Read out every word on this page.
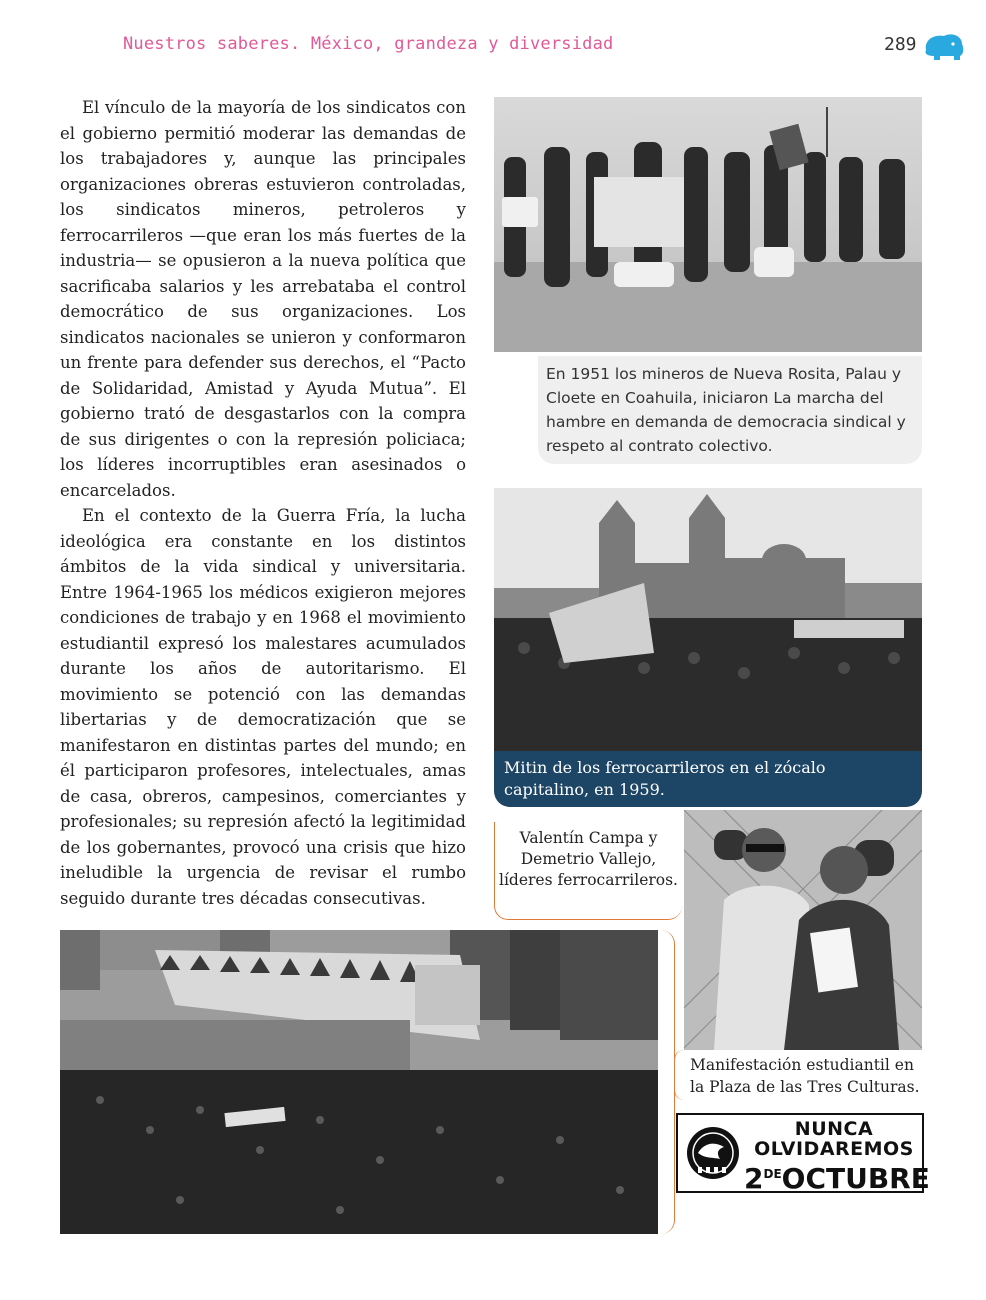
Nuestros saberes. México, grandeza y diversidad	289

El vínculo de la mayoría de los sindicatos con el gobierno permitió moderar las demandas de los trabajadores y, aunque las principales organizaciones obreras estuvieron controladas, los sindicatos mineros, petroleros y ferrocarrileros —que eran los más fuertes de la industria— se opusieron a la nueva política que sacrificaba salarios y les arrebataba el control democrático de sus organizaciones. Los sindicatos nacionales se unieron y conformaron un frente para defender sus derechos, el “Pacto de Solidaridad, Amistad y Ayuda Mutua”. El gobierno trató de desgastarlos con la compra de sus dirigentes o con la represión policiaca; los líderes incorruptibles eran asesinados o encarcelados.

En el contexto de la Guerra Fría, la lucha ideológica era constante en los distintos ámbitos de la vida sindical y universitaria. Entre 1964-1965 los médicos exigieron mejores condiciones de trabajo y en 1968 el movimiento estudiantil expresó los malestares acumulados durante los años de autoritarismo. El movimiento se potenció con las demandas libertarias y de democratización que se manifestaron en distintas partes del mundo; en él participaron profesores, intelectuales, amas de casa, obreros, campesinos, comerciantes y profesionales; su represión afectó la legitimidad de los gobernantes, provocó una crisis que hizo ineludible la urgencia de revisar el rumbo seguido durante tres décadas consecutivas.

En 1951 los mineros de Nueva Rosita, Palau y Cloete en Coahuila, iniciaron La marcha del hambre en demanda de democracia sindical y respeto al contrato colectivo.
Mitin de los ferrocarrileros en el zócalo capitalino, en 1959.
Valentín Campa y Demetrio Vallejo, líderes ferrocarrileros.
Manifestación estudiantil en la Plaza de las Tres Culturas.
NUNCA
OLVIDAREMOS
2DEOCTUBRE
